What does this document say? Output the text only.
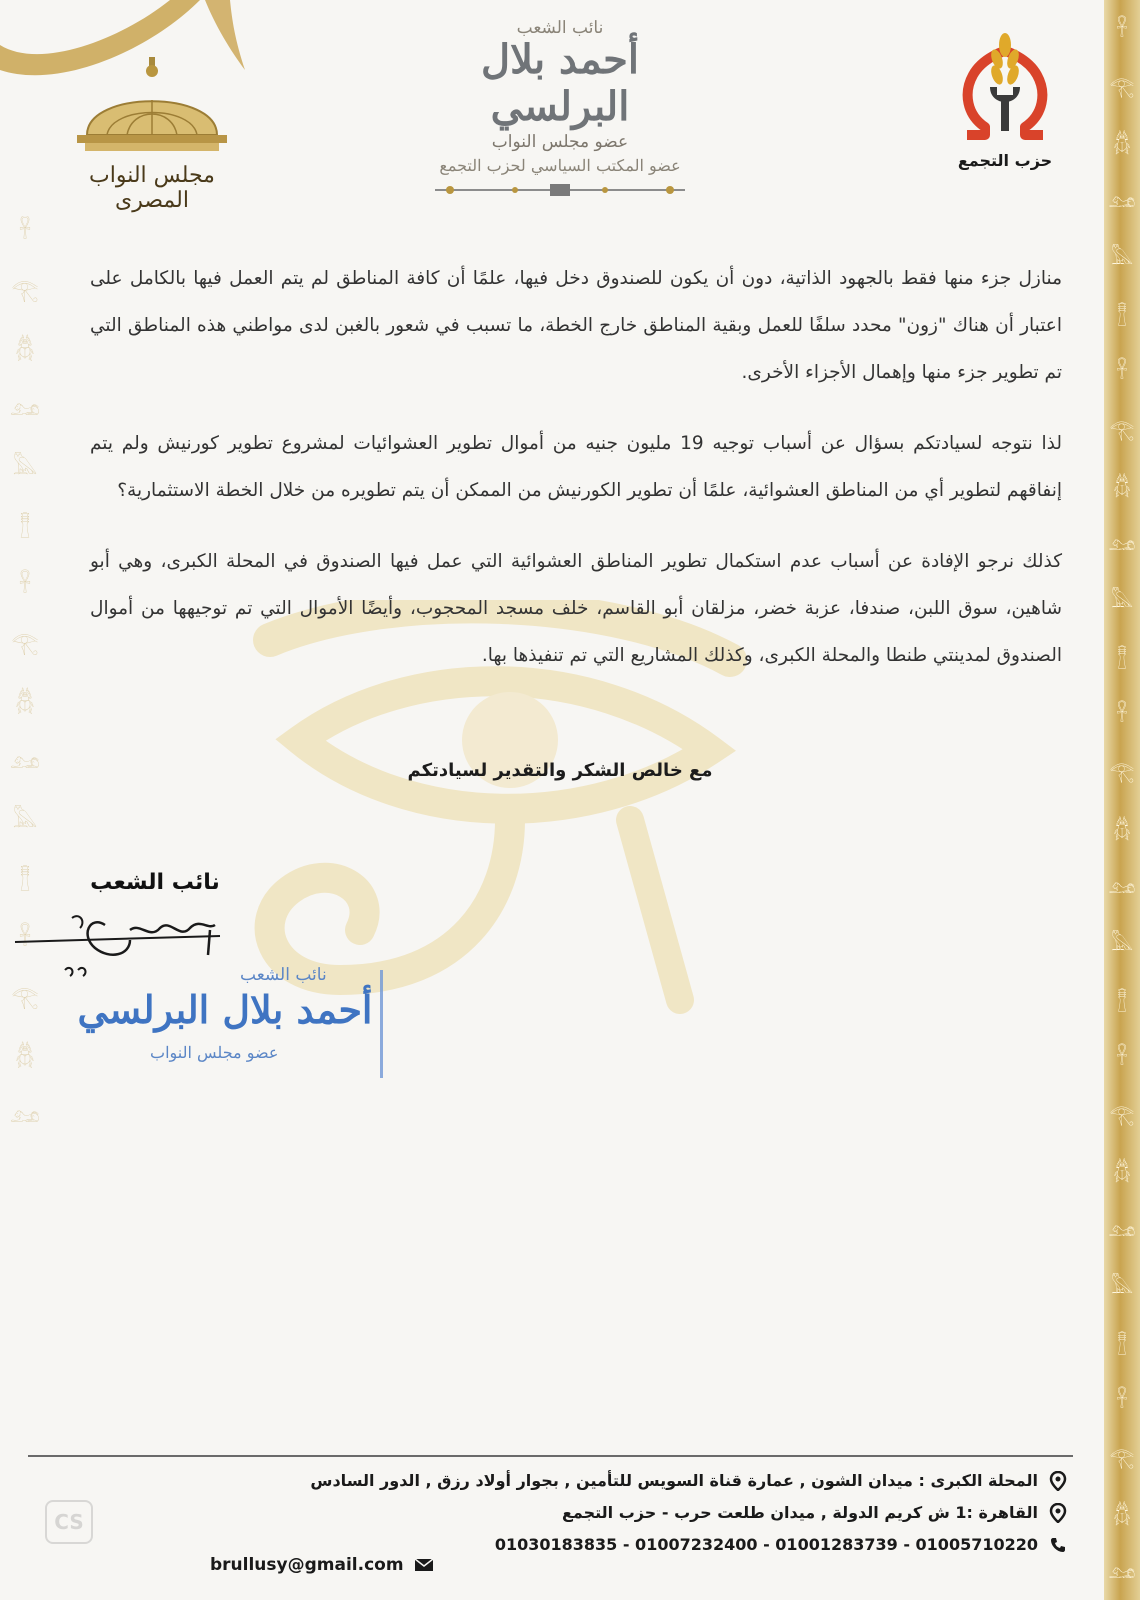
𓋹
𓂀
𓆣
𓃭
𓅓
𓊽
𓋹
𓂀
𓆣
𓃭
𓅓
𓊽
𓋹
𓂀
𓆣
𓃭
𓋹
𓂀
𓆣
𓃭
𓅓
𓊽
𓋹
𓂀
𓆣
𓃭
𓅓
𓊽
𓋹
𓂀
𓆣
𓃭
𓅓
𓊽
𓋹
𓂀
𓆣
𓃭
𓅓
𓊽
𓋹
𓂀
𓆣
𓃭
مجلس النواب المصرى
نائب الشعب
أحمد بلال البرلسي
عضو مجلس النواب
عضو المكتب السياسي لحزب التجمع	حزب التجمع

منازل جزء منها فقط بالجهود الذاتية، دون أن يكون للصندوق دخل فيها، علمًا أن كافة المناطق لم يتم العمل فيها بالكامل على اعتبار أن هناك "زون" محدد سلفًا للعمل وبقية المناطق خارج الخطة، ما تسبب في شعور بالغبن لدى مواطني هذه المناطق التي تم تطوير جزء منها وإهمال الأجزاء الأخرى.

لذا نتوجه لسيادتكم بسؤال عن أسباب توجيه 19 مليون جنيه من أموال تطوير العشوائيات لمشروع تطوير كورنيش ولم يتم إنفاقهم لتطوير أي من المناطق العشوائية، علمًا أن تطوير الكورنيش من الممكن أن يتم تطويره من خلال الخطة الاستثمارية؟

كذلك نرجو الإفادة عن أسباب عدم استكمال تطوير المناطق العشوائية التي عمل فيها الصندوق في المحلة الكبرى، وهي أبو شاهين، سوق اللبن، صندفا، عزبة خضر، مزلقان أبو القاسم، خلف مسجد المحجوب، وأيضًا الأموال التي تم توجيهها من أموال الصندوق لمدينتي طنطا والمحلة الكبرى، وكذلك المشاريع التي تم تنفيذها بها.

مع خالص الشكر والتقدير لسيادتكم
نائب الشعب
نائب الشعب
أحمد بلال البرلسي
عضو مجلس النواب
المحلة الكبرى : ميدان الشون , عمارة قناة السويس للتأمين , بجوار أولاد رزق , الدور السادس
القاهرة :1 ش كريم الدولة , ميدان طلعت حرب - حزب التجمع
01030183835 - 01007232400 - 01001283739 - 01005710220
brullusy@gmail.com
CS
